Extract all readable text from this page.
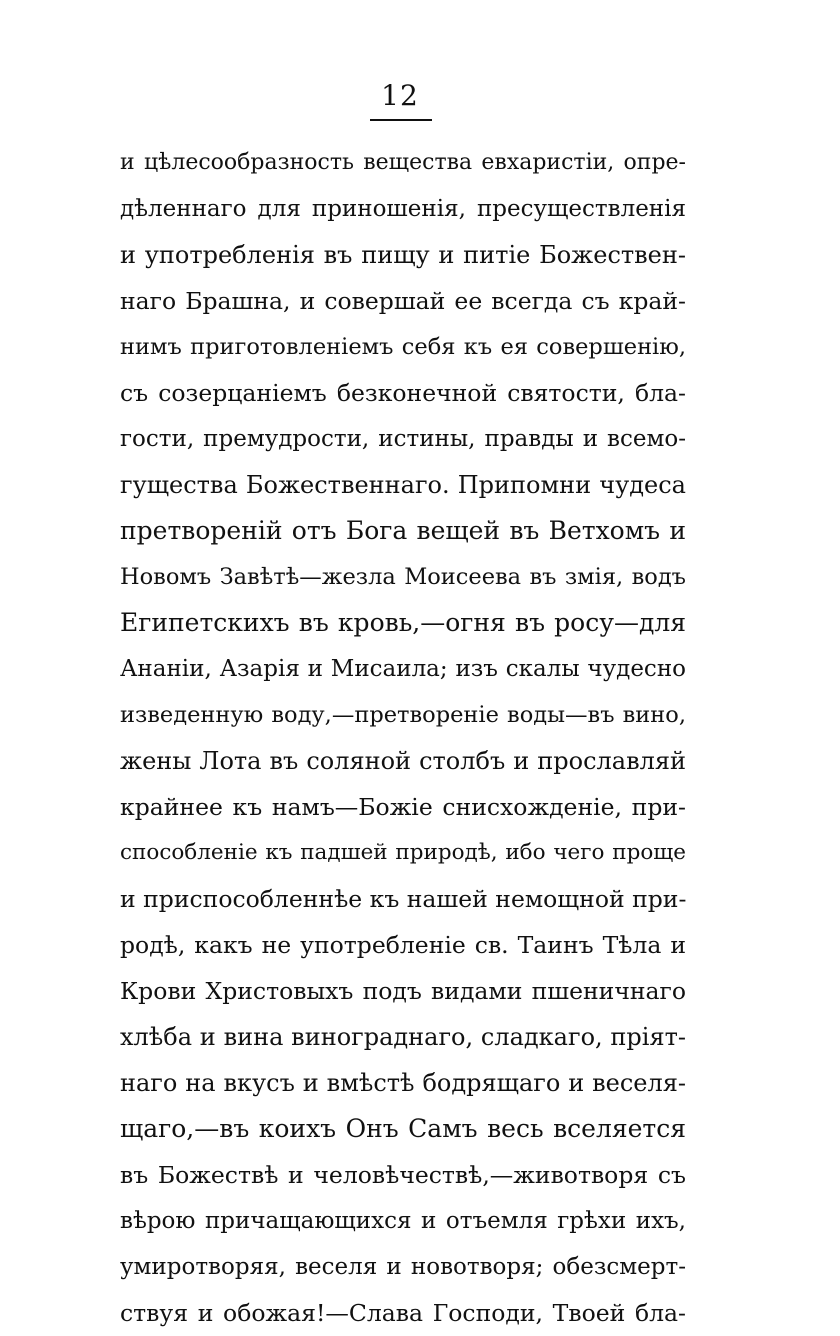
12
и цѣлесообразность вещества евхаристіи, опре-
дѣленнаго для приношенія, пресуществленія
и употребленія въ пищу и питіе Божествен-
наго Брашна, и совершай ее всегда съ край-
нимъ приготовленіемъ себя къ ея совершенію,
съ созерцаніемъ безконечной святости, бла-
гости, премудрости, истины, правды и всемо-
гущества Божественнаго. Припомни чудеса
претвореній отъ Бога вещей въ Ветхомъ и
Новомъ Завѣтѣ—жезла Моисеева въ змія, водъ
Египетскихъ въ кровь,—огня въ росу—для
Ананіи, Азарія и Мисаила; изъ скалы чудесно
изведенную воду,—претвореніе воды—въ вино,
жены Лота въ соляной столбъ и прославляй
крайнее къ намъ—Божіе снисхожденіе, при-
способленіе къ падшей природѣ, ибо чего проще
и приспособленнѣе къ нашей немощной при-
родѣ, какъ не употребленіе св. Таинъ Тѣла и
Крови Христовыхъ подъ видами пшеничнаго
хлѣба и вина винограднаго, сладкаго, пріят-
наго на вкусъ и вмѣстѣ бодрящаго и веселя-
щаго,—въ коихъ Онъ Самъ весь вселяется
въ Божествѣ и человѣчествѣ,—животворя съ
вѣрою причащающихся и отъемля грѣхи ихъ,
умиротворяя, веселя и новотворя; обезсмерт-
ствуя и обожая!—Слава Господи, Твоей бла-
